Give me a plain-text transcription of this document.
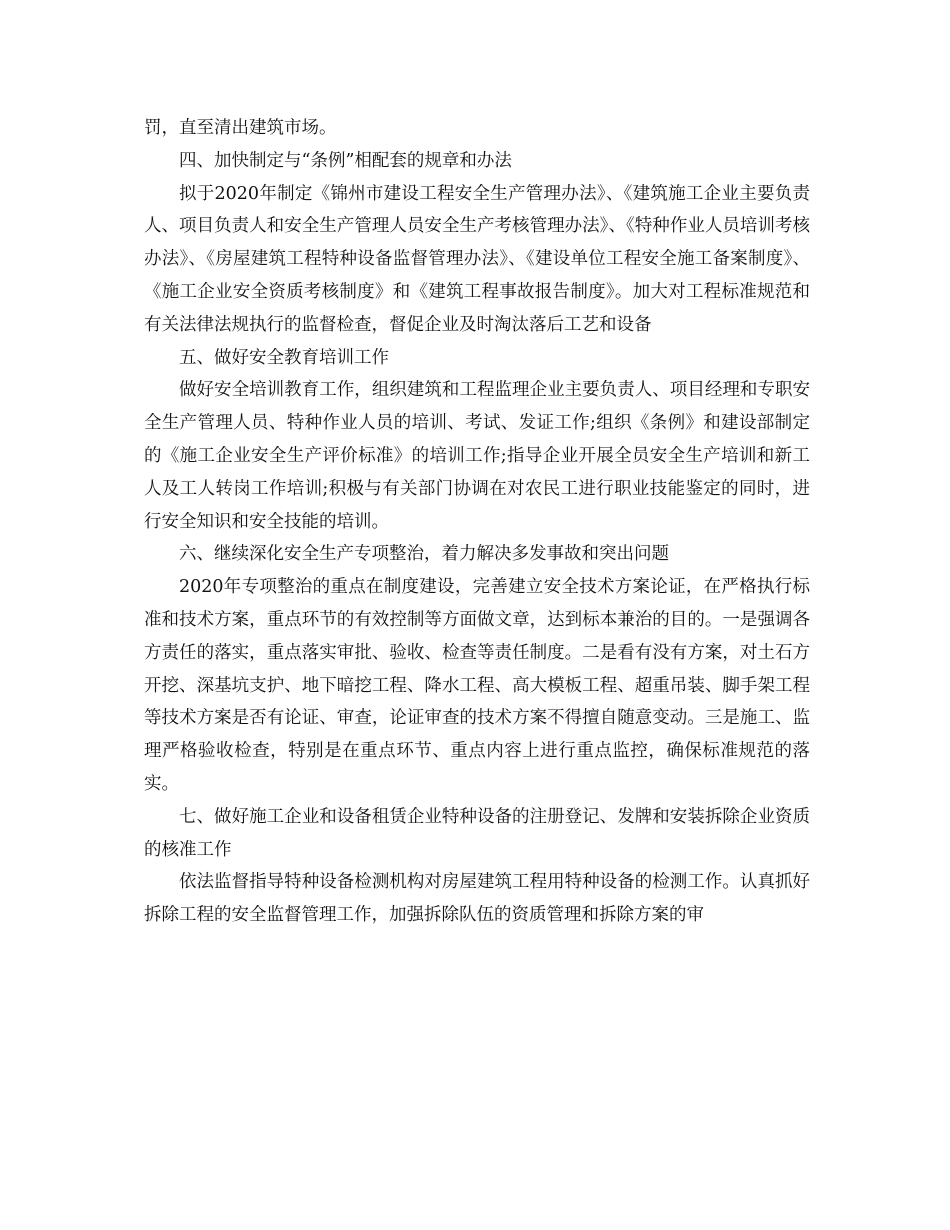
罚，直至清出建筑市场。

四、加快制定与“条例”相配套的规章和办法

拟于2020年制定《锦州市建设工程安全生产管理办法》、《建筑施工企业主要负责人、项目负责人和安全生产管理人员安全生产考核管理办法》、《特种作业人员培训考核办法》、《房屋建筑工程特种设备监督管理办法》、《建设单位工程安全施工备案制度》、《施工企业安全资质考核制度》和《建筑工程事故报告制度》。加大对工程标准规范和有关法律法规执行的监督检查，督促企业及时淘汰落后工艺和设备

五、做好安全教育培训工作

做好安全培训教育工作，组织建筑和工程监理企业主要负责人、项目经理和专职安全生产管理人员、特种作业人员的培训、考试、发证工作;组织《条例》和建设部制定的《施工企业安全生产评价标准》的培训工作;指导企业开展全员安全生产培训和新工人及工人转岗工作培训;积极与有关部门协调在对农民工进行职业技能鉴定的同时，进行安全知识和安全技能的培训。

六、继续深化安全生产专项整治，着力解决多发事故和突出问题

2020年专项整治的重点在制度建设，完善建立安全技术方案论证，在严格执行标准和技术方案，重点环节的有效控制等方面做文章，达到标本兼治的目的。一是强调各方责任的落实，重点落实审批、验收、检查等责任制度。二是看有没有方案，对土石方开挖、深基坑支护、地下暗挖工程、降水工程、高大模板工程、超重吊装、脚手架工程等技术方案是否有论证、审查，论证审查的技术方案不得擅自随意变动。三是施工、监理严格验收检查，特别是在重点环节、重点内容上进行重点监控，确保标准规范的落实。

七、做好施工企业和设备租赁企业特种设备的注册登记、发牌和安装拆除企业资质的核准工作

依法监督指导特种设备检测机构对房屋建筑工程用特种设备的检测工作。认真抓好拆除工程的安全监督管理工作，加强拆除队伍的资质管理和拆除方案的审
